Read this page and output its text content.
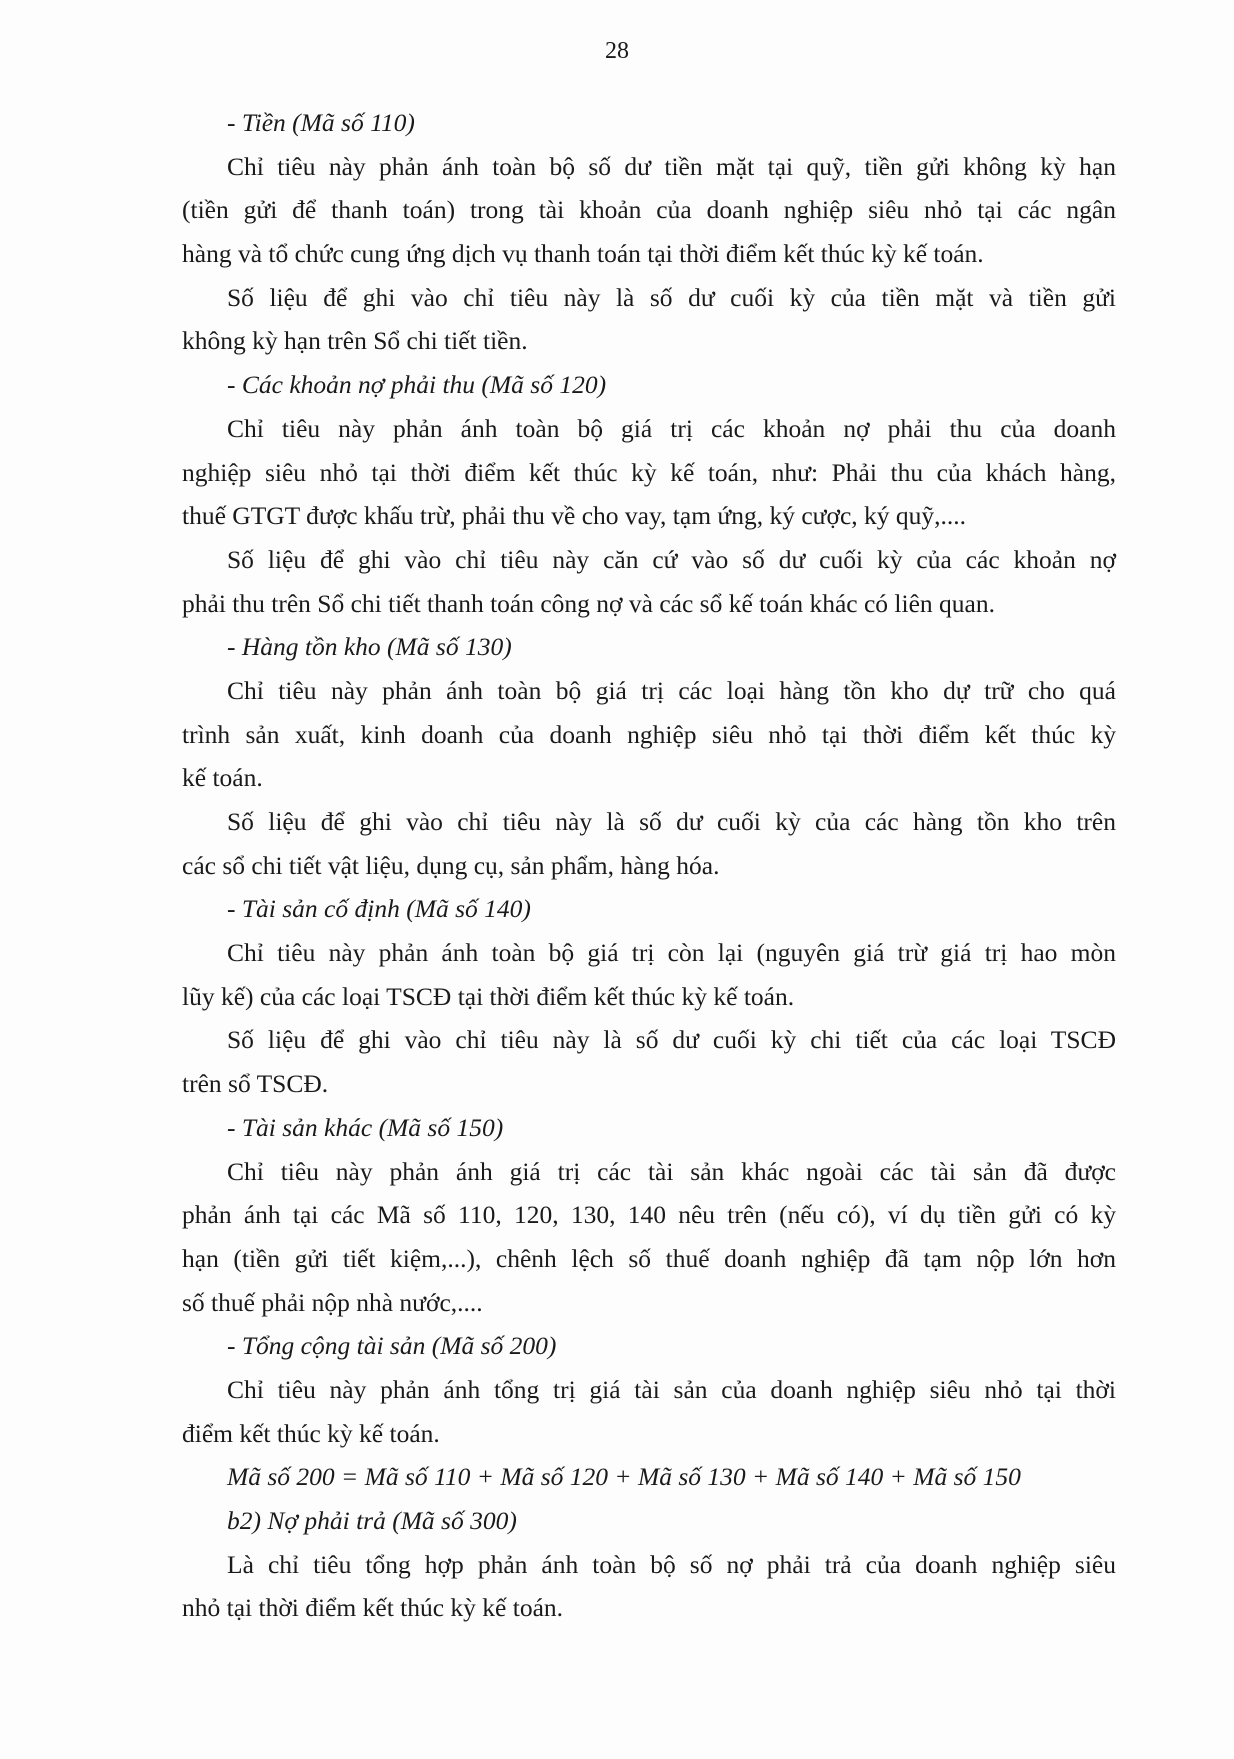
28

- Tiền (Mã số 110)

Chỉ tiêu này phản ánh toàn bộ số dư tiền mặt tại quỹ, tiền gửi không kỳ hạn

(tiền gửi để thanh toán) trong tài khoản của doanh nghiệp siêu nhỏ tại các ngân

hàng và tổ chức cung ứng dịch vụ thanh toán tại thời điểm kết thúc kỳ kế toán.

Số liệu để ghi vào chỉ tiêu này là số dư cuối kỳ của tiền mặt và tiền gửi

không kỳ hạn trên Sổ chi tiết tiền.

- Các khoản nợ phải thu (Mã số 120)

Chỉ tiêu này phản ánh toàn bộ giá trị các khoản nợ phải thu của doanh

nghiệp siêu nhỏ tại thời điểm kết thúc kỳ kế toán, như: Phải thu của khách hàng,

thuế GTGT được khấu trừ, phải thu về cho vay, tạm ứng, ký cược, ký quỹ,....

Số liệu để ghi vào chỉ tiêu này căn cứ vào số dư cuối kỳ của các khoản nợ

phải thu trên Sổ chi tiết thanh toán công nợ và các sổ kế toán khác có liên quan.

- Hàng tồn kho (Mã số 130)

Chỉ tiêu này phản ánh toàn bộ giá trị các loại hàng tồn kho dự trữ cho quá

trình sản xuất, kinh doanh của doanh nghiệp siêu nhỏ tại thời điểm kết thúc kỳ

kế toán.

Số liệu để ghi vào chỉ tiêu này là số dư cuối kỳ của các hàng tồn kho trên

các sổ chi tiết vật liệu, dụng cụ, sản phẩm, hàng hóa.

- Tài sản cố định (Mã số 140)

Chỉ tiêu này phản ánh toàn bộ giá trị còn lại (nguyên giá trừ giá trị hao mòn

lũy kế) của các loại TSCĐ tại thời điểm kết thúc kỳ kế toán.

Số liệu để ghi vào chỉ tiêu này là số dư cuối kỳ chi tiết của các loại TSCĐ

trên sổ TSCĐ.

- Tài sản khác (Mã số 150)

Chỉ tiêu này phản ánh giá trị các tài sản khác ngoài các tài sản đã được

phản ánh tại các Mã số 110, 120, 130, 140 nêu trên (nếu có), ví dụ tiền gửi có kỳ

hạn (tiền gửi tiết kiệm,...), chênh lệch số thuế doanh nghiệp đã tạm nộp lớn hơn

số thuế phải nộp nhà nước,....

- Tổng cộng tài sản (Mã số 200)

Chỉ tiêu này phản ánh tổng trị giá tài sản của doanh nghiệp siêu nhỏ tại thời

điểm kết thúc kỳ kế toán.

Mã số 200 = Mã số 110 + Mã số 120 + Mã số 130 + Mã số 140 + Mã số 150

b2) Nợ phải trả (Mã số 300)

Là chỉ tiêu tổng hợp phản ánh toàn bộ số nợ phải trả của doanh nghiệp siêu

nhỏ tại thời điểm kết thúc kỳ kế toán.
